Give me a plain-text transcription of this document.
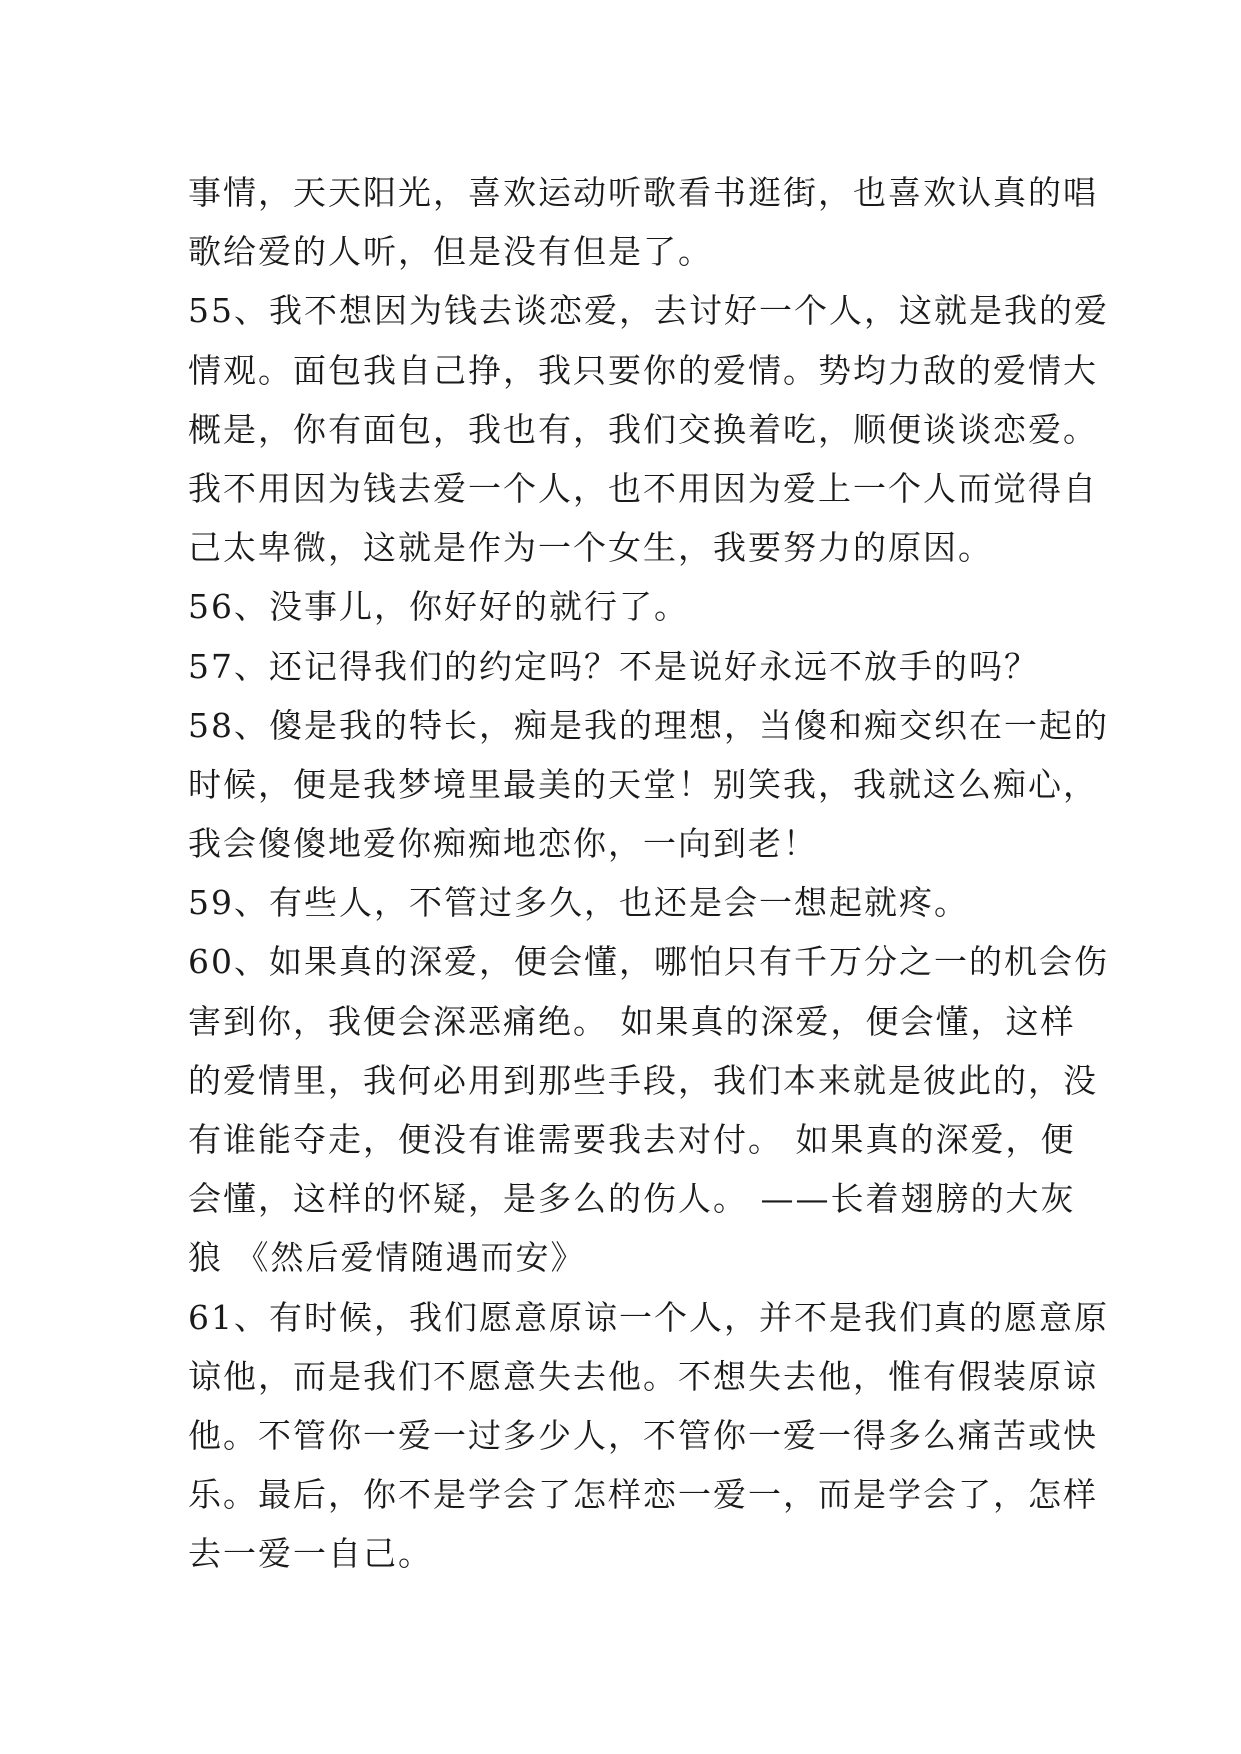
事情，天天阳光，喜欢运动听歌看书逛街，也喜欢认真的唱
歌给爱的人听，但是没有但是了。
55、我不想因为钱去谈恋爱，去讨好一个人，这就是我的爱
情观。面包我自己挣，我只要你的爱情。势均力敌的爱情大
概是，你有面包，我也有，我们交换着吃，顺便谈谈恋爱。
我不用因为钱去爱一个人，也不用因为爱上一个人而觉得自
己太卑微，这就是作为一个女生，我要努力的原因。
56、没事儿，你好好的就行了。
57、还记得我们的约定吗？不是说好永远不放手的吗？
58、傻是我的特长，痴是我的理想，当傻和痴交织在一起的
时候，便是我梦境里最美的天堂！别笑我，我就这么痴心，
我会傻傻地爱你痴痴地恋你，一向到老！
59、有些人，不管过多久，也还是会一想起就疼。
60、如果真的深爱，便会懂，哪怕只有千万分之一的机会伤
害到你，我便会深恶痛绝。 如果真的深爱，便会懂，这样
的爱情里，我何必用到那些手段，我们本来就是彼此的，没
有谁能夺走，便没有谁需要我去对付。 如果真的深爱，便
会懂，这样的怀疑，是多么的伤人。 ——长着翅膀的大灰
狼 《然后爱情随遇而安》
61、有时候，我们愿意原谅一个人，并不是我们真的愿意原
谅他，而是我们不愿意失去他。不想失去他，惟有假装原谅
他。不管你一爱一过多少人，不管你一爱一得多么痛苦或快
乐。最后，你不是学会了怎样恋一爱一，而是学会了，怎样
去一爱一自己。
